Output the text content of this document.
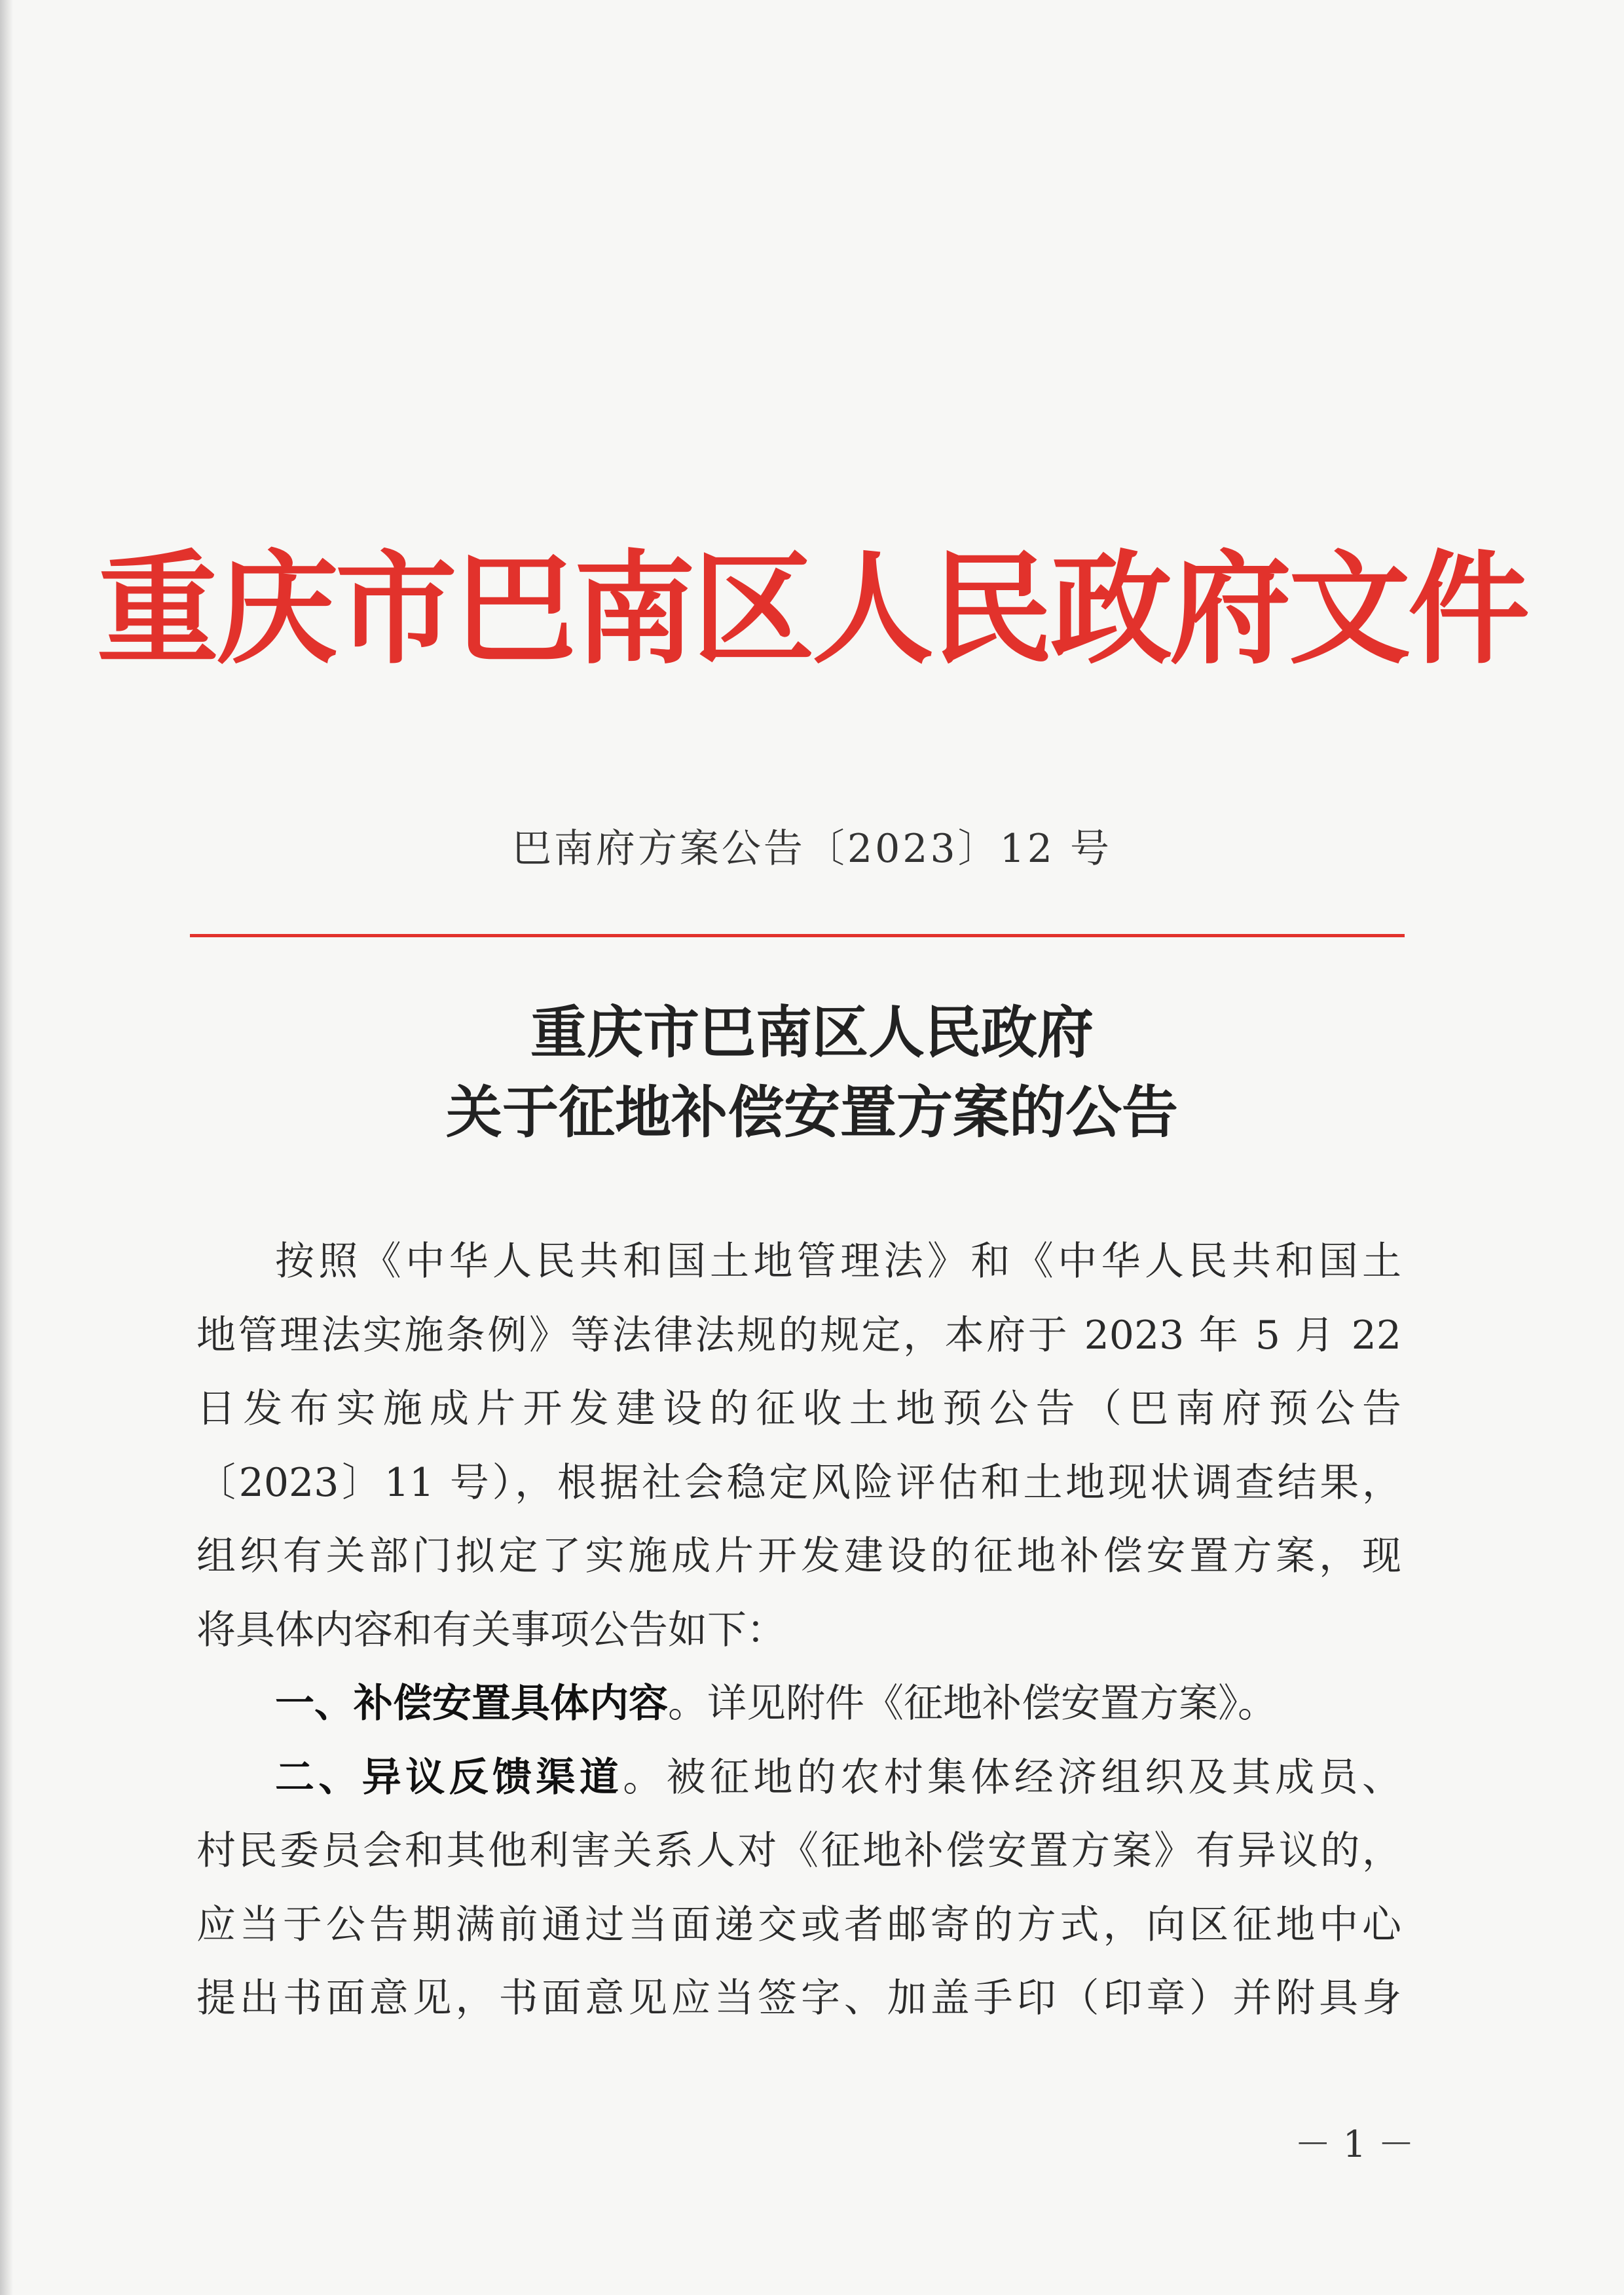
重庆市巴南区人民政府文件
巴南府方案公告〔2023〕12 号
重庆市巴南区人民政府
关于征地补偿安置方案的公告
按照《中华人民共和国土地管理法》和《中华人民共和国土
地管理法实施条例》等法律法规的规定，本府于 2023 年 5 月 22
日发布实施成片开发建设的征收土地预公告（巴南府预公告
〔2023〕11 号），根据社会稳定风险评估和土地现状调查结果，
组织有关部门拟定了实施成片开发建设的征地补偿安置方案，现
将具体内容和有关事项公告如下：
一、补偿安置具体内容。详见附件《征地补偿安置方案》。
二、异议反馈渠道。被征地的农村集体经济组织及其成员、
村民委员会和其他利害关系人对《征地补偿安置方案》有异议的，
应当于公告期满前通过当面递交或者邮寄的方式，向区征地中心
提出书面意见，书面意见应当签字、加盖手印（印章）并附具身
－ 1 －
